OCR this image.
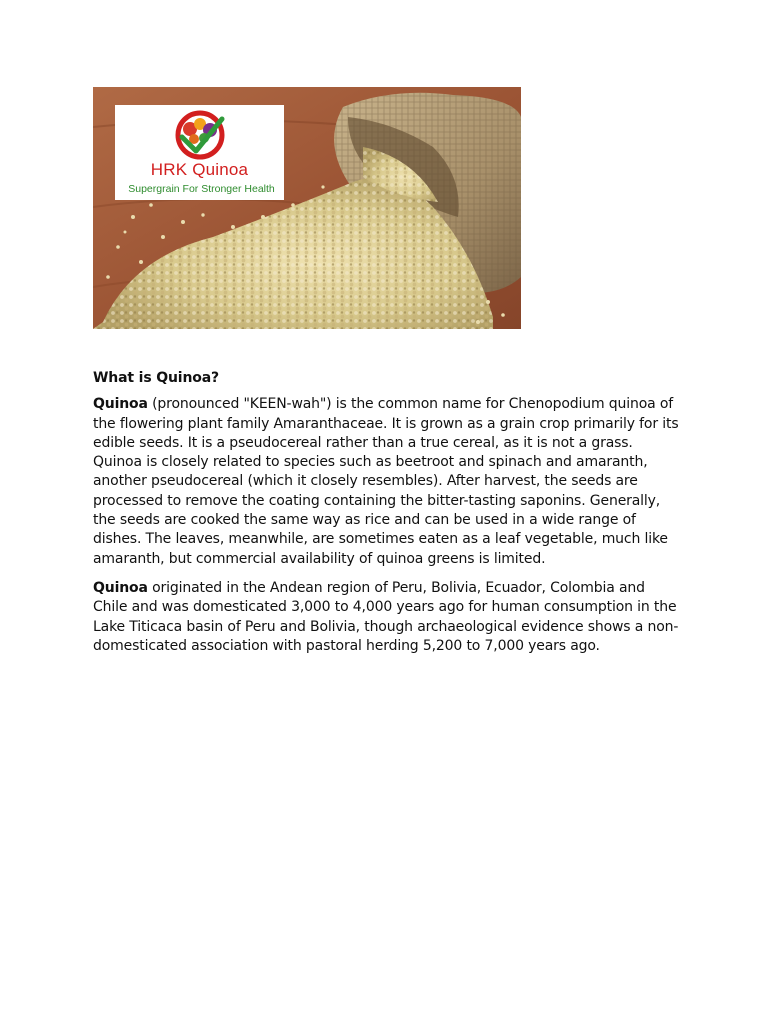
HRK Quinoa
Supergrain For Stronger Health
What is Quinoa?

Quinoa (pronounced "KEEN-wah") is the common name for Chenopodium quinoa of the flowering plant family Amaranthaceae. It is grown as a grain crop primarily for its edible seeds. It is a pseudocereal rather than a true cereal, as it is not a grass. Quinoa is closely related to species such as beetroot and spinach and amaranth, another pseudocereal (which it closely resembles). After harvest, the seeds are processed to remove the coating containing the bitter-tasting saponins. Generally, the seeds are cooked the same way as rice and can be used in a wide range of dishes. The leaves, meanwhile, are sometimes eaten as a leaf vegetable, much like amaranth, but commercial availability of quinoa greens is limited.

Quinoa originated in the Andean region of Peru, Bolivia, Ecuador, Colombia and Chile and was domesticated 3,000 to 4,000 years ago for human consumption in the Lake Titicaca basin of Peru and Bolivia, though archaeological evidence shows a non-domesticated association with pastoral herding 5,200 to 7,000 years ago.
